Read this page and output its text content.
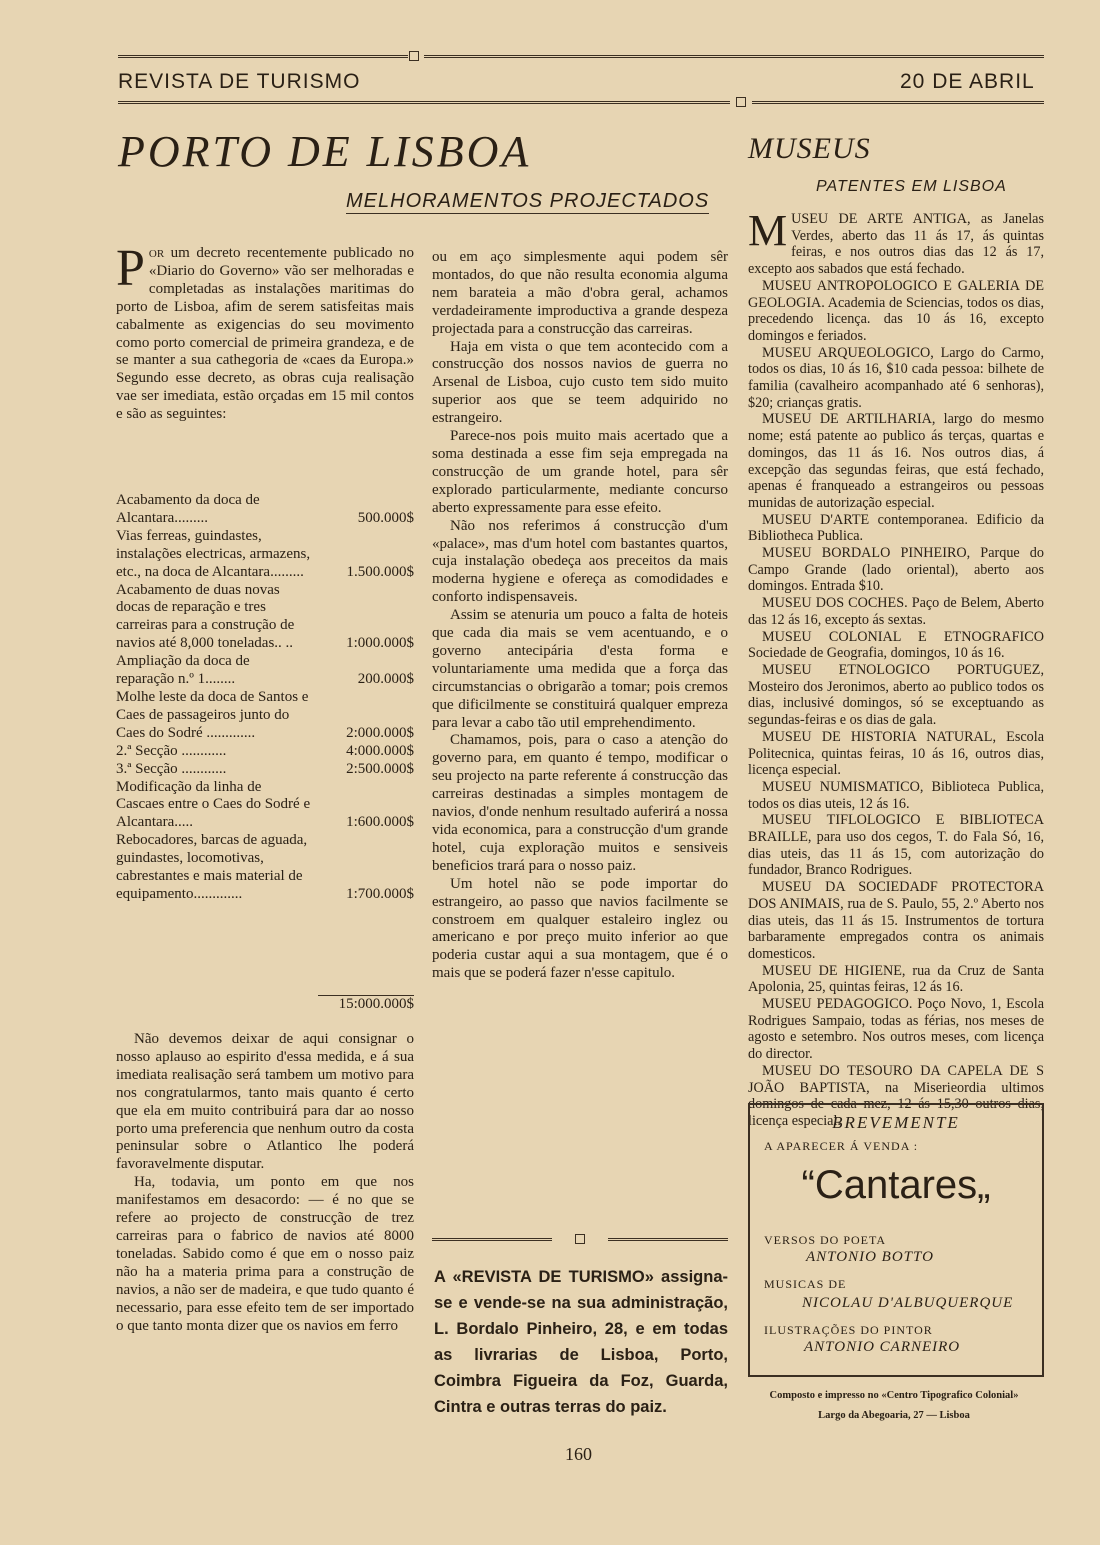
REVISTA DE TURISMO	20 DE ABRIL
PORTO DE LISBOA
MELHORAMENTOS PROJECTADOS

Por um decreto recentemente publicado no «Diario do Governo» vão ser melhoradas e completadas as instalações maritimas do porto de Lisboa, afim de serem satisfeitas mais cabalmente as exigencias do seu movimento como porto comercial de primeira grandeza, e de se manter a sua cathegoria de «caes da Europa.» Segundo esse decreto, as obras cuja realisação vae ser imediata, estão orçadas em 15 mil contos e são as seguintes:

Acabamento da doca de Alcantara.........	500.000$
Vias ferreas, guindastes, instalações electricas, armazens, etc., na doca de Alcantara.........	1.500.000$
Acabamento de duas novas docas de reparação e tres carreiras para a construção de navios até 8,000 toneladas.. ..	1:000.000$
Ampliação da doca de reparação n.º 1........	200.000$
Molhe leste da doca de Santos e Caes de passageiros junto do Caes do Sodré .............	2:000.000$
2.ª Secção ............	4:000.000$
3.ª Secção ............	2:500.000$
Modificação da linha de Cascaes entre o Caes do Sodré e Alcantara.....	1:600.000$
Rebocadores, barcas de aguada, guindastes, locomotivas, cabrestantes e mais material de equipamento.............	1:700.000$
15:000.000$

Não devemos deixar de aqui consignar o nosso aplauso ao espirito d'essa medida, e á sua imediata realisação será tambem um motivo para nos congratularmos, tanto mais quanto é certo que ela em muito contribuirá para dar ao nosso porto uma preferencia que nenhum outro da costa peninsular sobre o Atlantico lhe poderá favoravelmente disputar.

Ha, todavia, um ponto em que nos manifestamos em desacordo: — é no que se refere ao projecto de construcção de trez carreiras para o fabrico de navios até 8000 toneladas. Sabido como é que em o nosso paiz não ha a materia prima para a construção de navios, a não ser de madeira, e que tudo quanto é necessario, para esse efeito tem de ser importado o que tanto monta dizer que os navios em ferro

ou em aço simplesmente aqui podem sêr montados, do que não resulta economia alguma nem barateia a mão d'obra geral, achamos verdadeiramente improductiva a grande despeza projectada para a construcção das carreiras.

Haja em vista o que tem acontecido com a construcção dos nossos navios de guerra no Arsenal de Lisboa, cujo custo tem sido muito superior aos que se teem adquirido no estrangeiro.

Parece-nos pois muito mais acertado que a soma destinada a esse fim seja empregada na construcção de um grande hotel, para sêr explorado particularmente, mediante concurso aberto expressamente para esse efeito.

Não nos referimos á construcção d'um «palace», mas d'um hotel com bastantes quartos, cuja instalação obedeça aos preceitos da mais moderna hygiene e ofereça as comodidades e conforto indispensaveis.

Assim se atenuria um pouco a falta de hoteis que cada dia mais se vem acentuando, e o governo antecipária d'esta forma e voluntariamente uma medida que a força das circumstancias o obrigarão a tomar; pois cremos que dificilmente se constituirá qualquer empreza para levar a cabo tão util emprehendimento.

Chamamos, pois, para o caso a atenção do governo para, em quanto é tempo, modificar o seu projecto na parte referente á construcção das carreiras destinadas a simples montagem de navios, d'onde nenhum resultado auferirá a nossa vida economica, para a construcção d'um grande hotel, cuja exploração muitos e sensiveis beneficios trará para o nosso paiz.

Um hotel não se pode importar do estrangeiro, ao passo que navios facilmente se constroem em qualquer estaleiro inglez ou americano e por preço muito inferior ao que poderia custar aqui a sua montagem, que é o mais que se poderá fazer n'esse capitulo.

A «REVISTA DE TURISMO» assigna-se e vende-se na sua administração, L. Bordalo Pinheiro, 28, e em todas as livrarias de Lisboa, Porto, Coimbra Figueira da Foz, Guarda, Cintra e outras terras do paiz.
MUSEUS
PATENTES EM LISBOA

MUSEU DE ARTE ANTIGA, as Janelas Verdes, aberto das 11 ás 17, ás quintas feiras, e nos outros dias das 12 ás 17, excepto aos sabados que está fechado.

MUSEU ANTROPOLOGICO E GALERIA DE GEOLOGIA. Academia de Sciencias, todos os dias, precedendo licença. das 10 ás 16, excepto domingos e feriados.

MUSEU ARQUEOLOGICO, Largo do Carmo, todos os dias, 10 ás 16, $10 cada pessoa: bilhete de familia (cavalheiro acompanhado até 6 senhoras), $20; crianças gratis.

MUSEU DE ARTILHARIA, largo do mesmo nome; está patente ao publico ás terças, quartas e domingos, das 11 ás 16. Nos outros dias, á excepção das segundas feiras, que está fechado, apenas é franqueado a estrangeiros ou pessoas munidas de autorização especial.

MUSEU D'ARTE contemporanea. Edificio da Bibliotheca Publica.

MUSEU BORDALO PINHEIRO, Parque do Campo Grande (lado oriental), aberto aos domingos. Entrada $10.

MUSEU DOS COCHES. Paço de Belem, Aberto das 12 ás 16, excepto ás sextas.

MUSEU COLONIAL E ETNOGRAFICO Sociedade de Geografia, domingos, 10 ás 16.

MUSEU ETNOLOGICO PORTUGUEZ, Mosteiro dos Jeronimos, aberto ao publico todos os dias, inclusivé domingos, só se exceptuando as segundas-feiras e os dias de gala.

MUSEU DE HISTORIA NATURAL, Escola Politecnica, quintas feiras, 10 ás 16, outros dias, licença especial.

MUSEU NUMISMATICO, Biblioteca Publica, todos os dias uteis, 12 ás 16.

MUSEU TIFLOLOGICO E BIBLIOTECA BRAILLE, para uso dos cegos, T. do Fala Só, 16, dias uteis, das 11 ás 15, com autorização do fundador, Branco Rodrigues.

MUSEU DA SOCIEDADF PROTECTORA DOS ANIMAIS, rua de S. Paulo, 55, 2.º Aberto nos dias uteis, das 11 ás 15. Instrumentos de tortura barbaramente empregados contra os animais domesticos.

MUSEU DE HIGIENE, rua da Cruz de Santa Apolonia, 25, quintas feiras, 12 ás 16.

MUSEU PEDAGOGICO. Poço Novo, 1, Escola Rodrigues Sampaio, todas as férias, nos meses de agosto e setembro. Nos outros meses, com licença do director.

MUSEU DO TESOURO DA CAPELA DE S JOÃO BAPTISTA, na Miserieordia ultimos domingos de cada mez, 12 ás 15,30 outros dias, licença especial.

BREVEMENTE
A APARECER Á VENDA :
“Cantares„
VERSOS DO POETA
ANTONIO BOTTO
MUSICAS DE
NICOLAU D'ALBUQUERQUE
ILUSTRAÇÕES DO PINTOR
ANTONIO CARNEIRO
Composto e impresso no «Centro Tipografico Colonial»
Largo da Abegoaria, 27 — Lisboa
160
